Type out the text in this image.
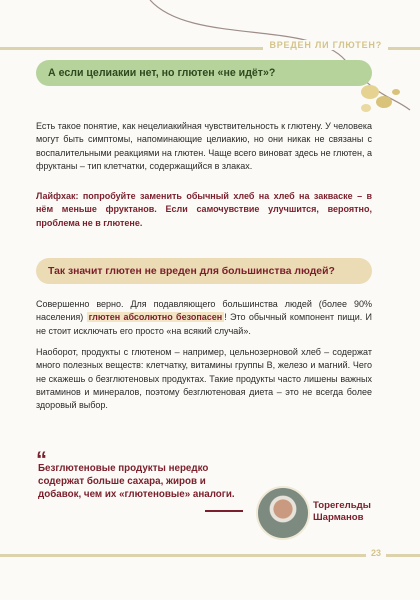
ВРЕДЕН ЛИ ГЛЮТЕН?
А если целиакии нет, но глютен «не идёт»?

Есть такое понятие, как нецелиакийная чувствительность к глютену. У человека могут быть симптомы, напоминающие целиакию, но они никак не связаны с воспалительными реакциями на глютен. Чаще всего виноват здесь не глютен, а фруктаны – тип клетчатки, содержащийся в злаках.

Лайфхак: попробуйте заменить обычный хлеб на хлеб на закваске – в нём меньше фруктанов. Если самочувствие улучшится, вероятно, проблема не в глютене.

Так значит глютен не вреден для большинства людей?

Совершенно верно. Для подавляющего большинства людей (более 90% населения) глютен абсолютно безопасен ! Это обычный компонент пищи. И не стоит исключать его просто «на всякий случай».

Наоборот, продукты с глютеном – например, цельнозерновой хлеб – содержат много полезных веществ: клетчатку, витамины группы B, железо и магний. Чего не скажешь о безглютеновых продуктах. Такие продукты часто лишены важных витаминов и минералов, поэтому безглютеновая диета – это не всегда более здоровый выбор.

“
Безглютеновые продукты нередко содержат больше сахара, жиров и добавок, чем их «глютеновые» аналоги.
Торегельды
Шарманов
23
